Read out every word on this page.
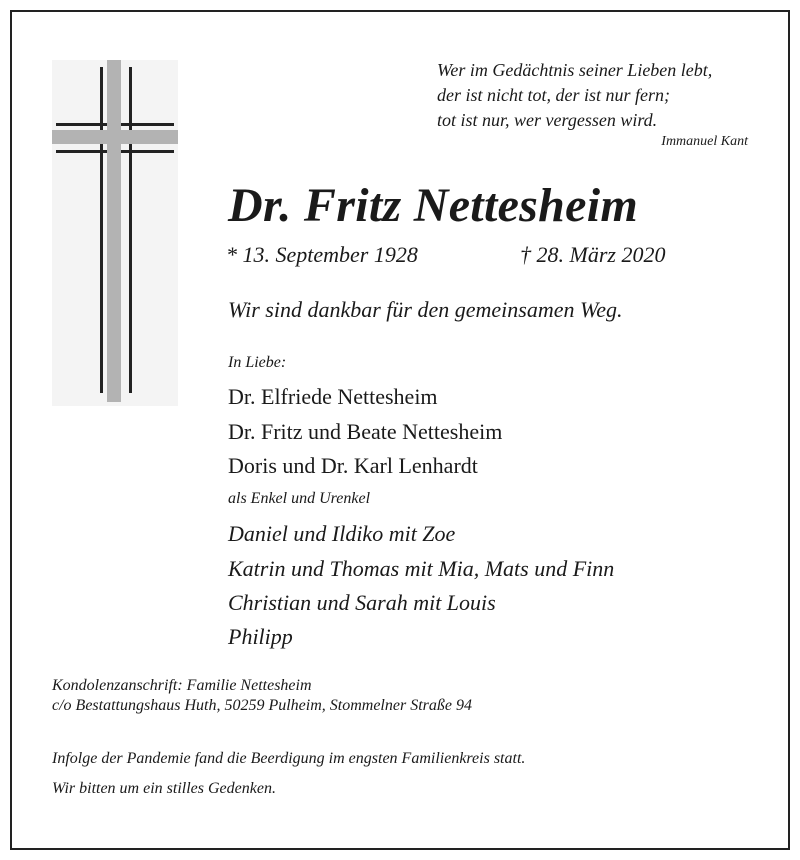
Wer im Gedächtnis seiner Lieben lebt,
der ist nicht tot, der ist nur fern;
tot ist nur, wer vergessen wird.
Immanuel Kant
Dr. Fritz Nettesheim
* 13. September 1928	† 28. März 2020
Wir sind dankbar für den gemeinsamen Weg.
In Liebe:
Dr. Elfriede Nettesheim
Dr. Fritz und Beate Nettesheim
Doris und Dr. Karl Lenhardt
als Enkel und Urenkel
Daniel und Ildiko mit Zoe
Katrin und Thomas mit Mia, Mats und Finn
Christian und Sarah mit Louis
Philipp
Kondolenzanschrift: Familie Nettesheim
c/o Bestattungshaus Huth, 50259 Pulheim, Stommelner Straße 94
Infolge der Pandemie fand die Beerdigung im engsten Familienkreis statt.
Wir bitten um ein stilles Gedenken.
